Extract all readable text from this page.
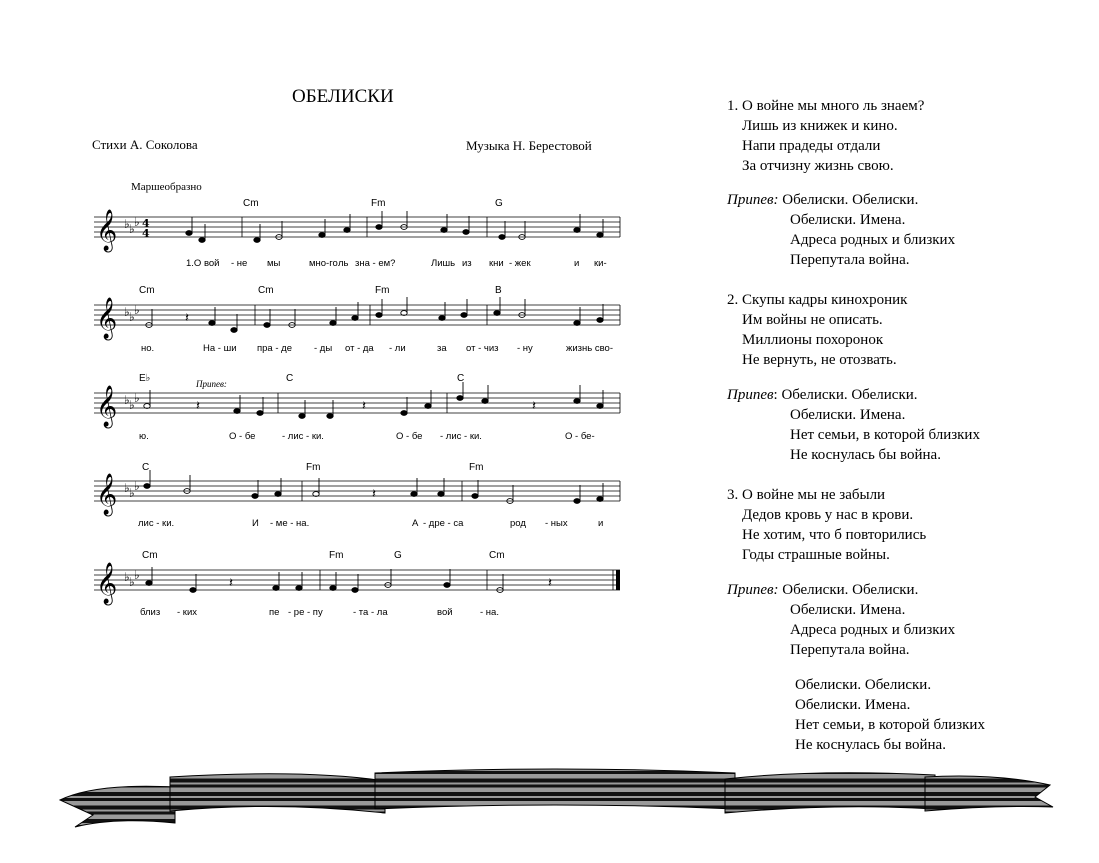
ОБЕЛИСКИ
Стихи А. Соколова	Музыка Н. Берестовой
Маршеобразно
Cm	Fm	G
𝄞 ♭ ♭ ♭ 4
4
1.О вой - не мы	мно-го ль зна - ем?	Лишь из кни - жек	и ки-
Cm	Cm	Fm	B
𝄞 ♭ ♭ ♭
𝄽
но.	На - ши пра - де - ды от - да - ли	за от - чиз - ну	жизнь сво-
E♭	Припев:	C	C
𝄞 ♭ ♭ ♭
𝄽	𝄽	𝄽
ю.	О - бе	- лис - ки.	О - бе - лис - ки.	О - бе-
C	Fm	Fm
𝄞 ♭ ♭ ♭
𝄽
лис - ки.	И - ме - на.	А - дре - са	род - ных	и
Cm	Fm	G	Cm
𝄞 ♭ ♭ ♭
𝄽	𝄽
близ - ких	пе - ре - пу	- та - ла	вой	- на.
1. О войне мы много ль знаем?
Лишь из книжек и кино.
Напи прадеды отдали
За отчизну жизнь свою.
Припев: Обелиски. Обелиски.
Обелиски. Имена.
Адреса родных и близких
Перепутала война.
2. Скупы кадры кинохроник
Им войны не описать.
Миллионы похоронок
Не вернуть, не отозвать.
Припев: Обелиски. Обелиски.
Обелиски. Имена.
Нет семьи, в которой близких
Не коснулась бы война.
3. О войне мы не забыли
Дедов кровь у нас в крови.
Не хотим, что б повторились
Годы страшные войны.
Припев: Обелиски. Обелиски.
Обелиски. Имена.
Адреса родных и близких
Перепутала война.
Обелиски. Обелиски.
Обелиски. Имена.
Нет семьи, в которой близких
Не коснулась бы война.
